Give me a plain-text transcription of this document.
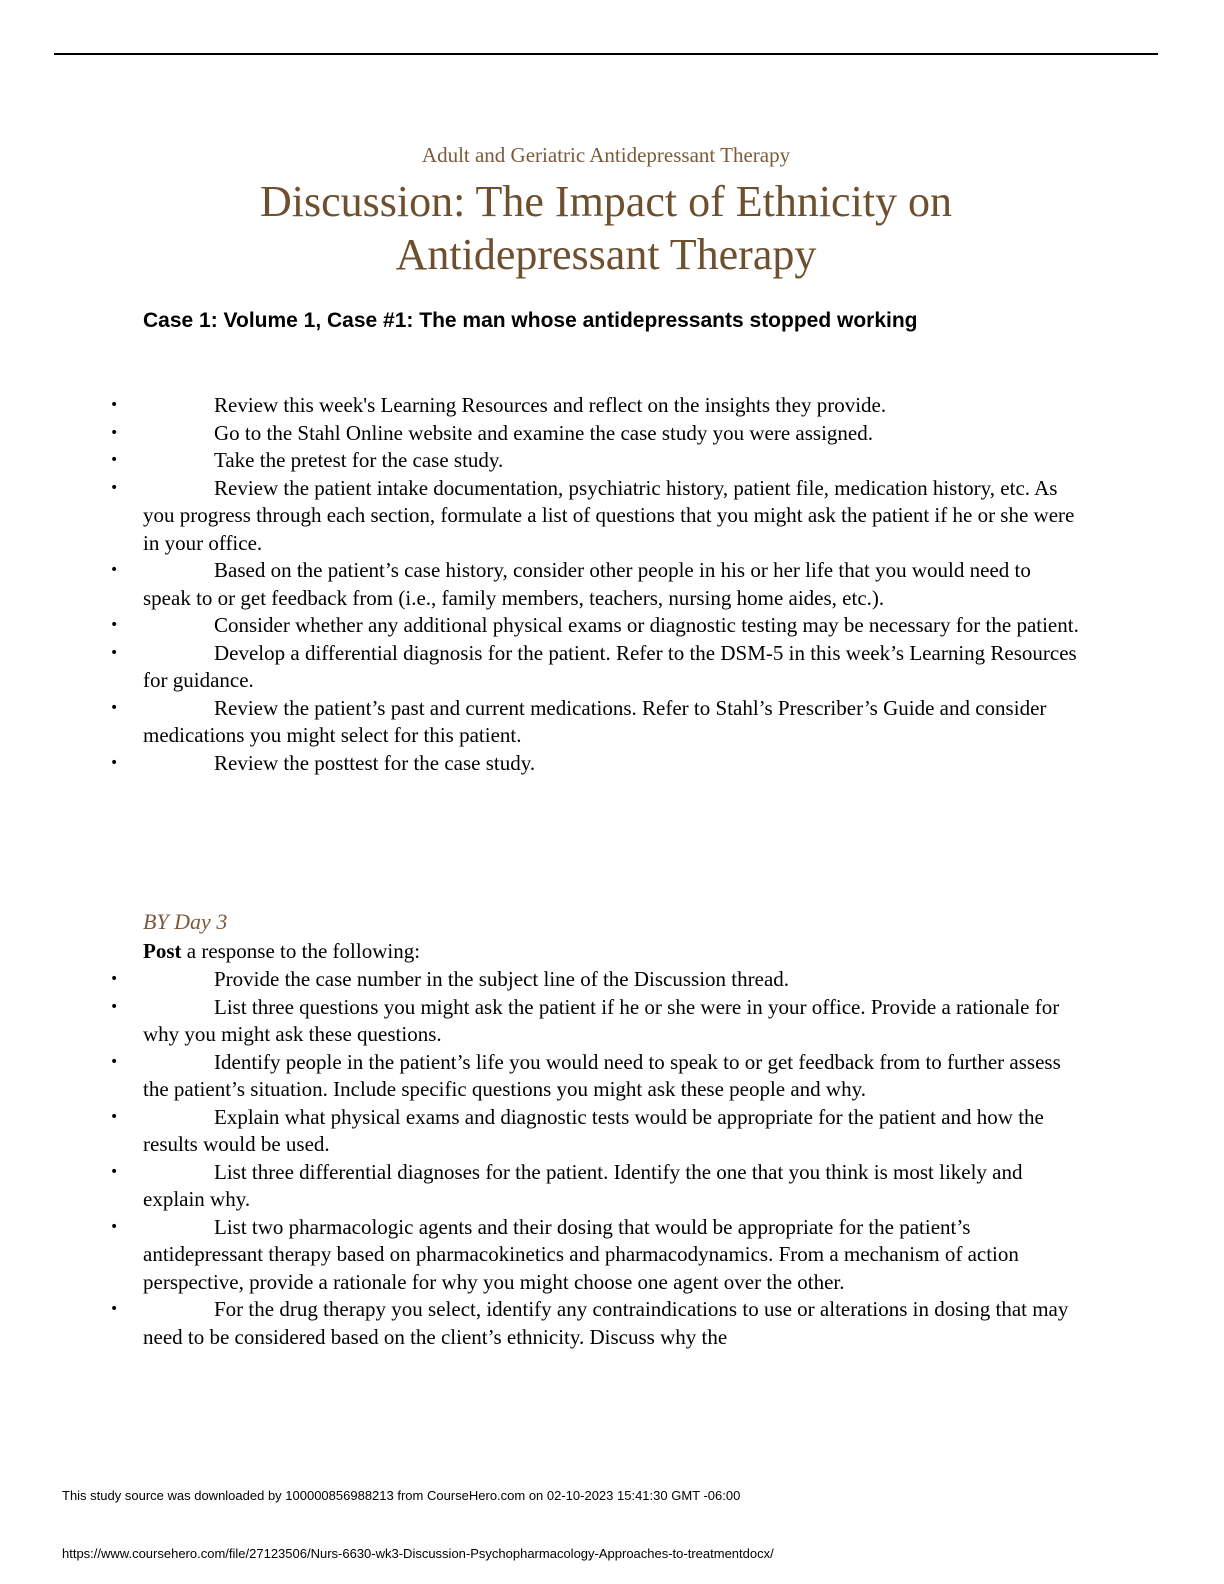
Adult and Geriatric Antidepressant Therapy
Discussion: The Impact of Ethnicity on
Antidepressant Therapy
Case 1: Volume 1, Case #1: The man whose antidepressants stopped working
•	Review this week's Learning Resources and reflect on the insights they provide.
•	Go to the Stahl Online website and examine the case study you were assigned.
•	Take the pretest for the case study.
•	Review the patient intake documentation, psychiatric history, patient file, medication history, etc. As you progress through each section, formulate a list of questions that you might ask the patient if he or she were in your office.
•	Based on the patient’s case history, consider other people in his or her life that you would need to speak to or get feedback from (i.e., family members, teachers, nursing home aides, etc.).
•	Consider whether any additional physical exams or diagnostic testing may be necessary for the patient.
•	Develop a differential diagnosis for the patient. Refer to the DSM-5 in this week’s Learning Resources for guidance.
•	Review the patient’s past and current medications. Refer to Stahl’s Prescriber’s Guide and consider medications you might select for this patient.
•	Review the posttest for the case study.
BY Day 3
Post a response to the following:
•	Provide the case number in the subject line of the Discussion thread.
•	List three questions you might ask the patient if he or she were in your office. Provide a rationale for why you might ask these questions.
•	Identify people in the patient’s life you would need to speak to or get feedback from to further assess the patient’s situation. Include specific questions you might ask these people and why.
•	Explain what physical exams and diagnostic tests would be appropriate for the patient and how the results would be used.
•	List three differential diagnoses for the patient. Identify the one that you think is most likely and explain why.
•	List two pharmacologic agents and their dosing that would be appropriate for the patient’s antidepressant therapy based on pharmacokinetics and pharmacodynamics. From a mechanism of action perspective, provide a rationale for why you might choose one agent over the other.
•	For the drug therapy you select, identify any contraindications to use or alterations in dosing that may need to be considered based on the client’s ethnicity. Discuss why the
This study source was downloaded by 100000856988213 from CourseHero.com on 02-10-2023 15:41:30 GMT -06:00
https://www.coursehero.com/file/27123506/Nurs-6630-wk3-Discussion-Psychopharmacology-Approaches-to-treatmentdocx/
